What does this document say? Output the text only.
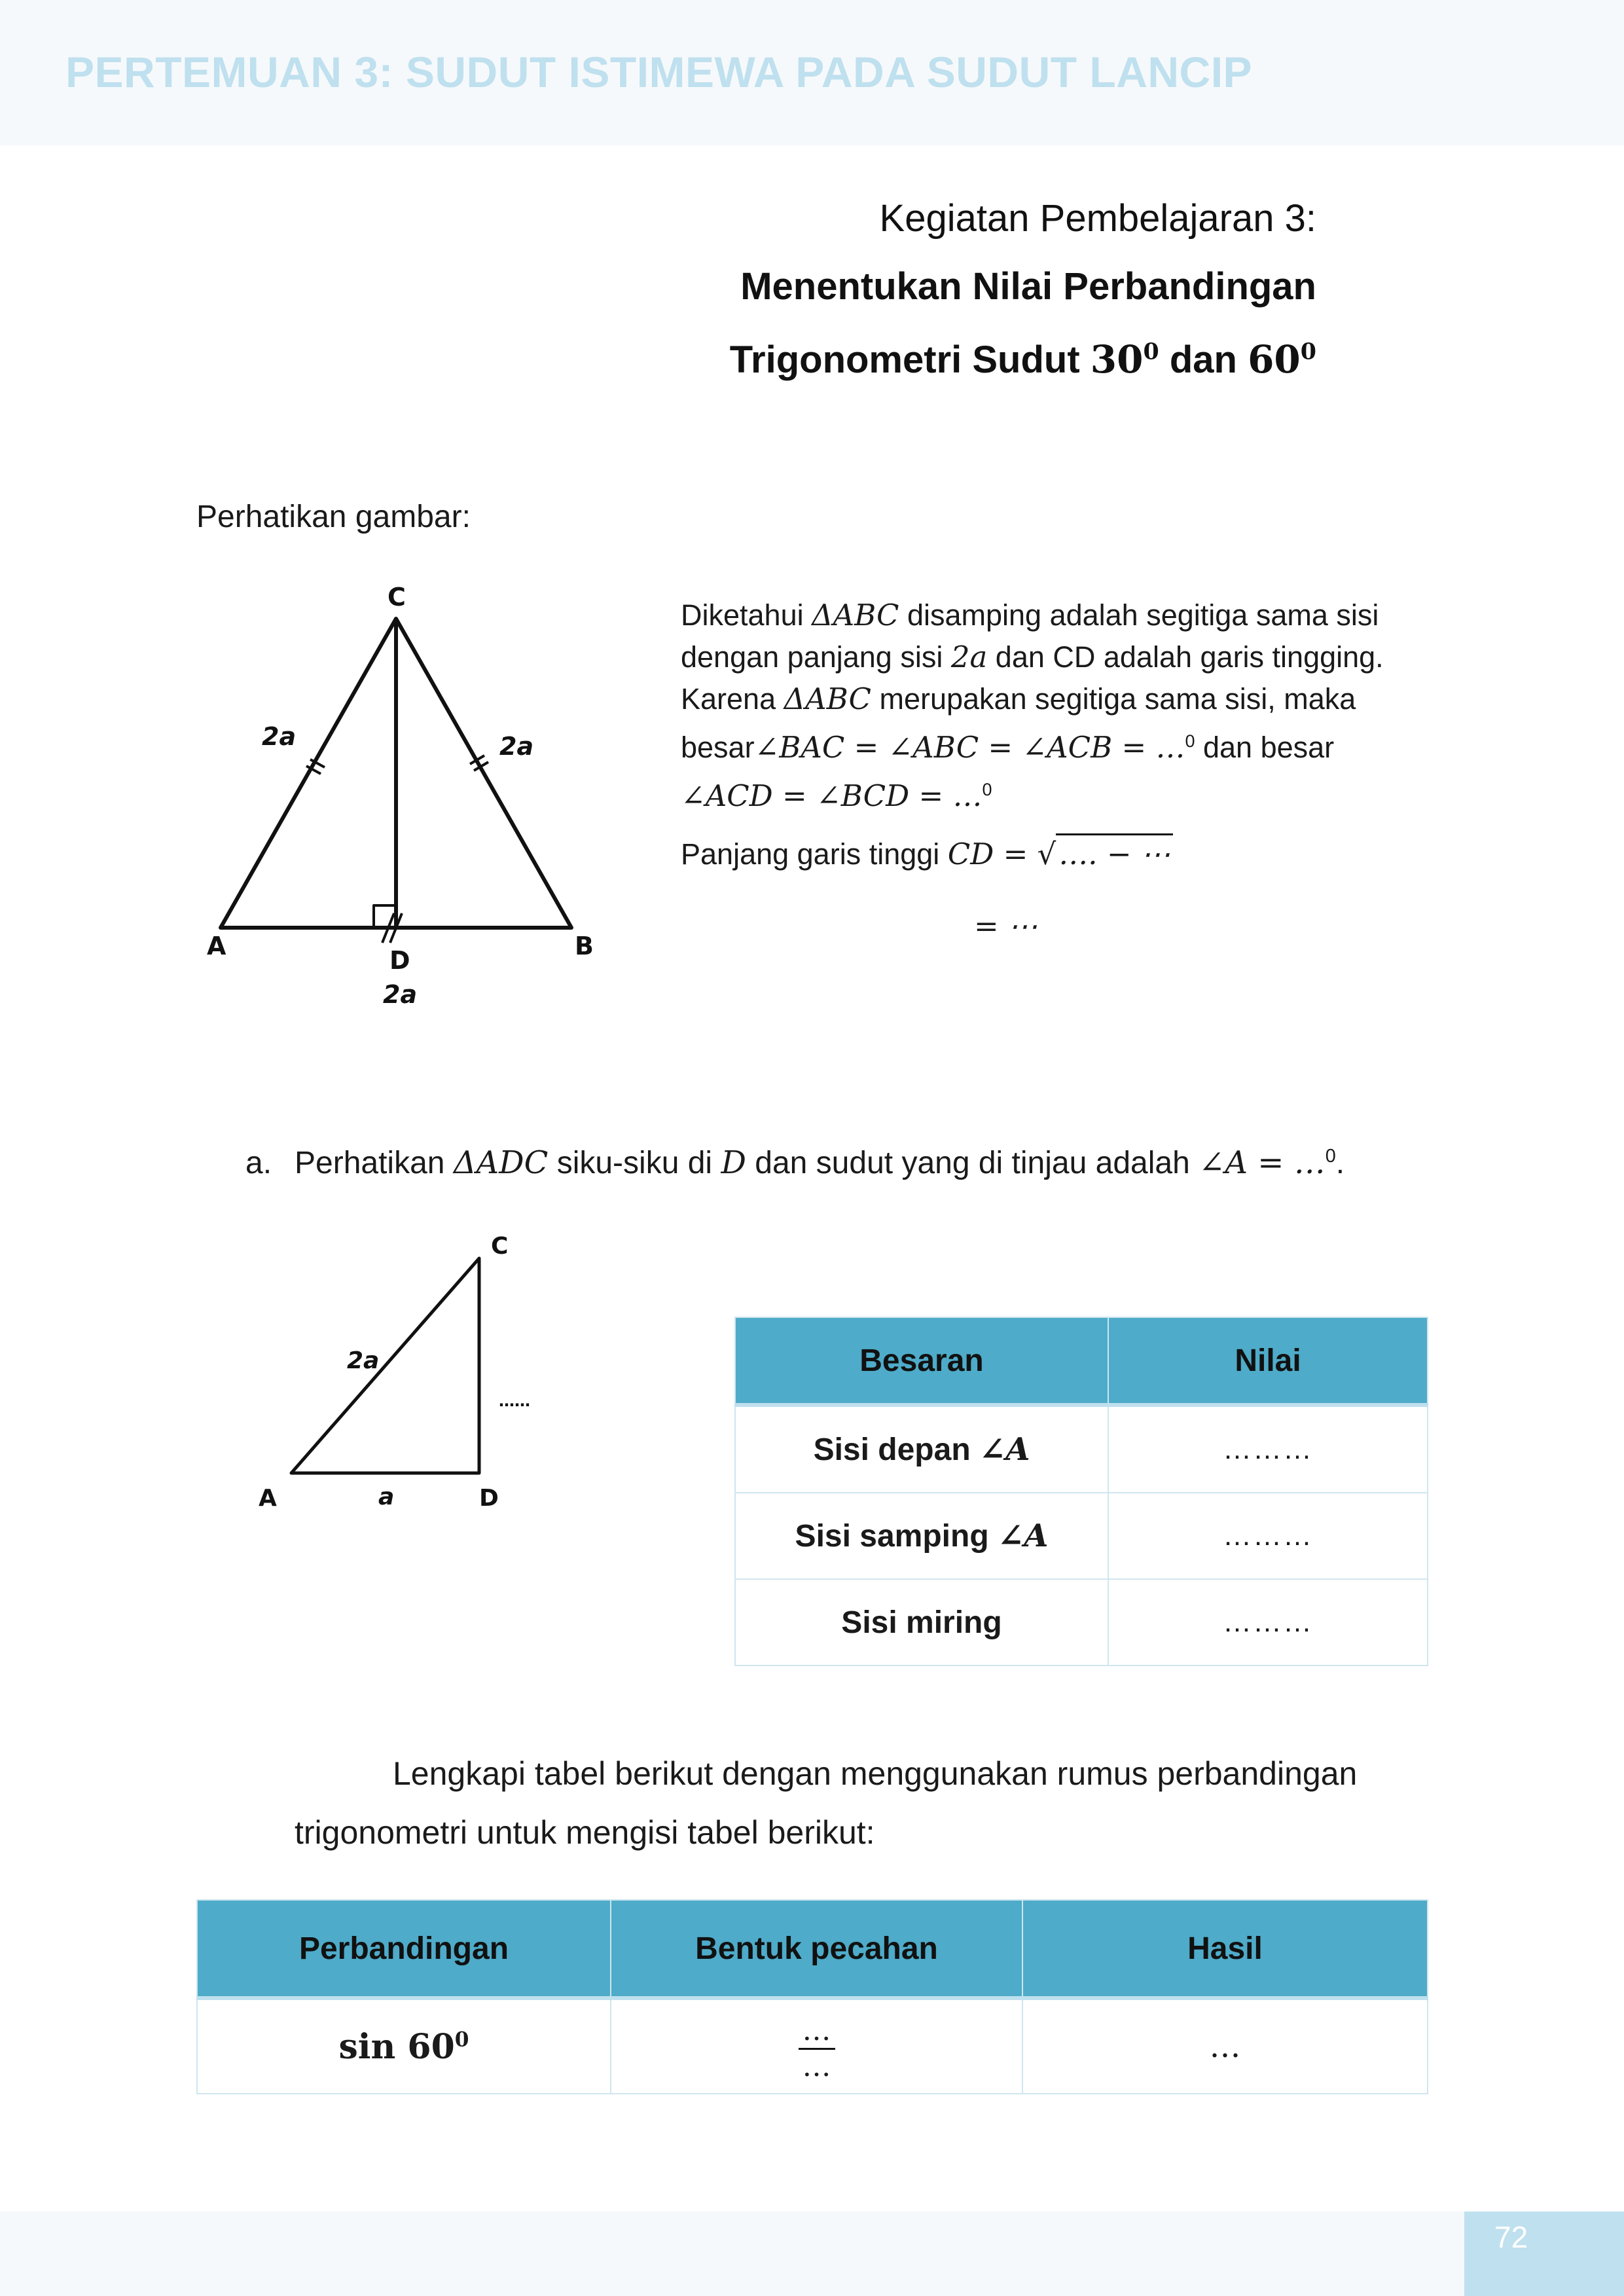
PERTEMUAN 3: SUDUT ISTIMEWA PADA SUDUT LANCIP
Kegiatan Pembelajaran 3:
Menentukan Nilai Perbandingan
Trigonometri Sudut $30^0$ dan $60^0$
Perhatikan gambar:
C
A	B
D
2a	2a
2a
Diketahui ΔABC disamping adalah segitiga sama sisi dengan panjang sisi 2a dan CD adalah garis tingging. Karena ΔABC merupakan segitiga sama sisi, maka besar∠BAC = ∠ABC = ∠ACB = …$^0$ dan besar ∠ACD = ∠BCD = …$^0$
Panjang garis tinggi CD = √…. − ⋯
= ⋯
a. Perhatikan ΔADC siku-siku di D dan sudut yang di tinjau adalah ∠A = …$^0$.
C
A	D
2a
a
……
Besaran	Nilai
Sisi depan ∠A	………
Sisi samping ∠A	………
Sisi miring	………
Lengkapi tabel berikut dengan menggunakan rumus perbandingan
trigonometri untuk mengisi tabel berikut:
Perbandingan	Bentuk pecahan	Hasil
$\sin 60^0$	$\frac{\dots}{\dots}$	…
72
